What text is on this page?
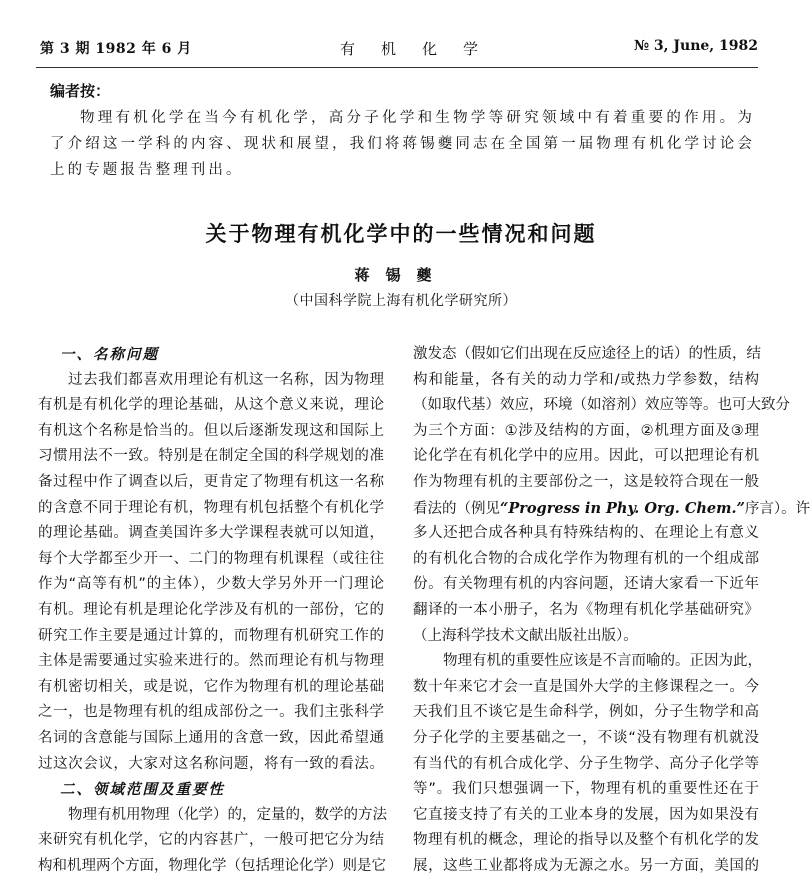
第 3 期 1982 年 6 月	有机化学	№ 3, June, 1982
编者按：
物理有机化学在当今有机化学，高分子化学和生物学等研究领域中有着重要的作用。为了介绍这一学科的内容、现状和展望，我们将蒋锡夔同志在全国第一届物理有机化学讨论会上的专题报告整理刊出。
关于物理有机化学中的一些情况和问题
蒋锡夔
（中国科学院上海有机化学研究所）
一、名称问题
过去我们都喜欢用理论有机这一名称，因为物理
有机是有机化学的理论基础，从这个意义来说，理论
有机这个名称是恰当的。但以后逐渐发现这和国际上
习惯用法不一致。特别是在制定全国的科学规划的准
备过程中作了调查以后，更肯定了物理有机这一名称
的含意不同于理论有机，物理有机包括整个有机化学
的理论基础。调查美国许多大学课程表就可以知道，
每个大学都至少开一、二门的物理有机课程（或往往
作为“高等有机”的主体），少数大学另外开一门理论
有机。理论有机是理论化学涉及有机的一部份，它的
研究工作主要是通过计算的，而物理有机研究工作的
主体是需要通过实验来进行的。然而理论有机与物理
有机密切相关，或是说，它作为物理有机的理论基础
之一，也是物理有机的组成部份之一。我们主张科学
名词的含意能与国际上通用的含意一致，因此希望通
过这次会议，大家对这名称问题，将有一致的看法。
二、领域范围及重要性
物理有机用物理（化学）的，定量的，数学的方法
来研究有机化学，它的内容甚广，一般可把它分为结
构和机理两个方面，物理化学（包括理论化学）则是它
激发态（假如它们出现在反应途径上的话）的性质，结
构和能量，各有关的动力学和/或热力学参数，结构
（如取代基）效应，环境（如溶剂）效应等等。也可大致分
为三个方面：①涉及结构的方面，②机理方面及③理
论化学在有机化学中的应用。因此，可以把理论有机
作为物理有机的主要部份之一，这是较符合现在一般
看法的（例见“Progress in Phy. Org. Chem.”序言）。许
多人还把合成各种具有特殊结构的、在理论上有意义
的有机化合物的合成化学作为物理有机的一个组成部
份。有关物理有机的内容问题，还请大家看一下近年
翻译的一本小册子，名为《物理有机化学基础研究》
（上海科学技术文献出版社出版）。
物理有机的重要性应该是不言而喻的。正因为此，
数十年来它才会一直是国外大学的主修课程之一。今
天我们且不谈它是生命科学，例如，分子生物学和高
分子化学的主要基础之一，不谈“没有物理有机就没
有当代的有机合成化学、分子生物学、高分子化学等
等”。我们只想强调一下，物理有机的重要性还在于
它直接支持了有关的工业本身的发展，因为如果没有
物理有机的概念，理论的指导以及整个有机化学的发
展，这些工业都将成为无源之水。另一方面，美国的
